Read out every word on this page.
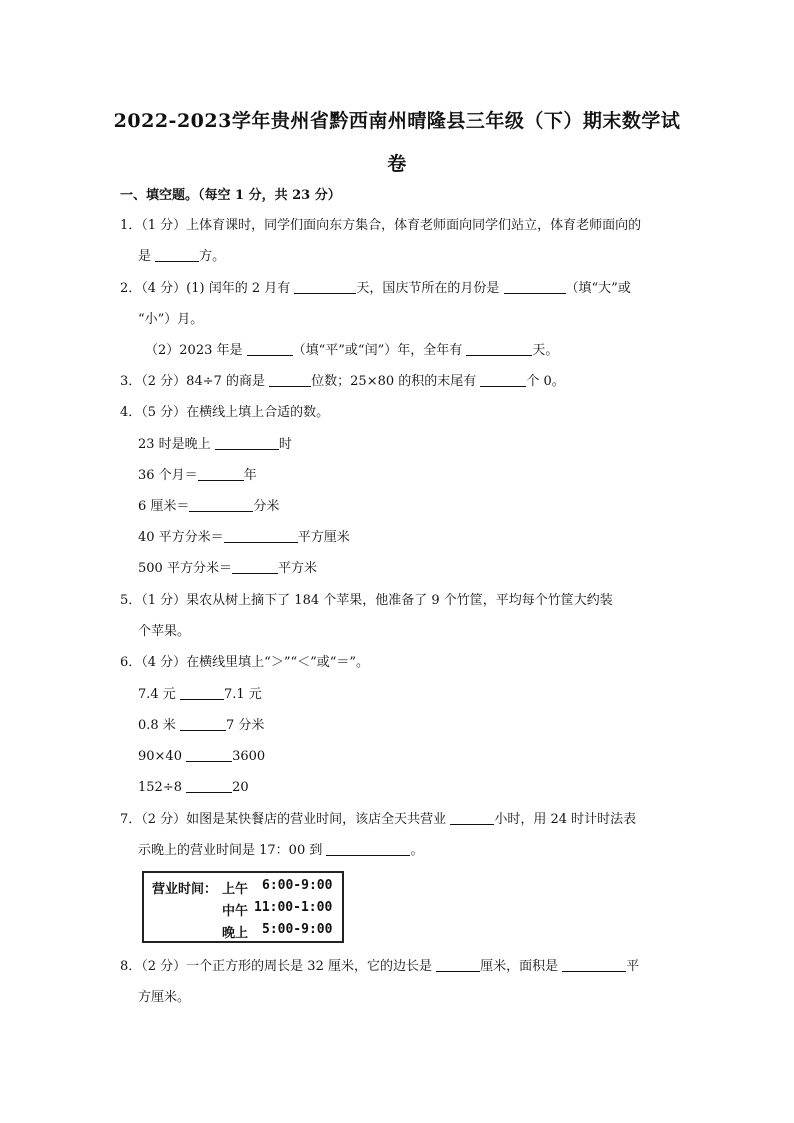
2022-2023学年贵州省黔西南州晴隆县三年级（下）期末数学试
卷
一、填空题。（每空 1 分，共 23 分）
1．（1 分）上体育课时，同学们面向东方集合，体育老师面向同学们站立，体育老师面向的
是	方。
2．（4 分）(1) 闰年的 2 月有	天，国庆节所在的月份是	（填“大”或
“小”）月。
（2）2023 年是	（填“平”或“闰”）年，全年有	天。
3．（2 分）84÷7 的商是	位数；25×80 的积的末尾有	个 0。
4．（5 分）在横线上填上合适的数。
23 时是晚上	时
36 个月＝	年
6 厘米＝	分米
40 平方分米＝	平方厘米
500 平方分米＝	平方米
5．（1 分）果农从树上摘下了 184 个苹果，他准备了 9 个竹筐，平均每个竹筐大约装
个苹果。
6．（4 分）在横线里填上“＞”“＜”或“＝”。
7.4 元	7.1 元
0.8 米	7 分米
90×40	3600
152÷8	20
7．（2 分）如图是某快餐店的营业时间，该店全天共营业	小时，用 24 时计时法表
示晚上的营业时间是 17：00 到	。
营业时间： 上午 6:00-9:00
中午 11:00-1:00
晚上 5:00-9:00
8．（2 分）一个正方形的周长是 32 厘米，它的边长是	厘米，面积是	平
方厘米。
